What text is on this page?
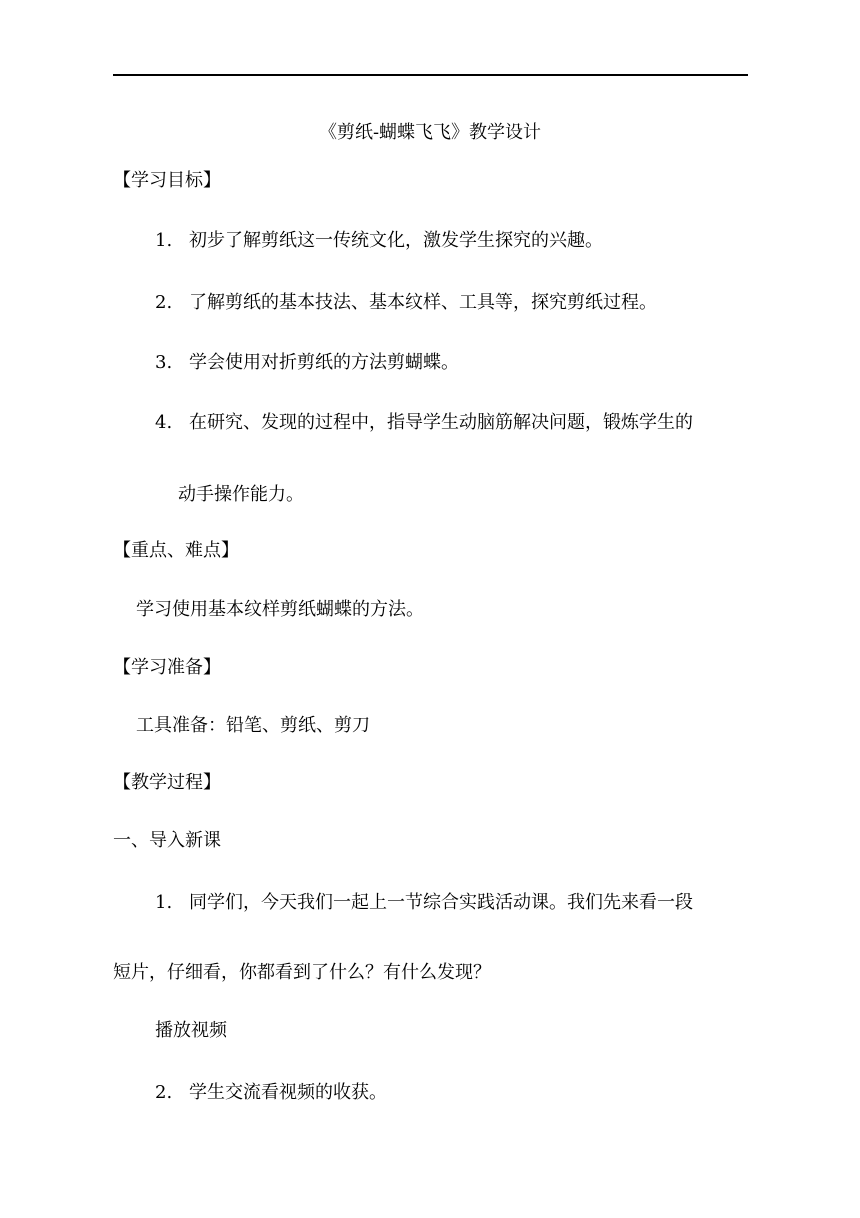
《剪纸-蝴蝶飞飞》教学设计
【学习目标】
1. 初步了解剪纸这一传统文化，激发学生探究的兴趣。
2. 了解剪纸的基本技法、基本纹样、工具等，探究剪纸过程。
3. 学会使用对折剪纸的方法剪蝴蝶。
4. 在研究、发现的过程中，指导学生动脑筋解决问题，锻炼学生的
动手操作能力。
【重点、难点】
学习使用基本纹样剪纸蝴蝶的方法。
【学习准备】
工具准备：铅笔、剪纸、剪刀
【教学过程】
一、导入新课
1. 同学们，今天我们一起上一节综合实践活动课。我们先来看一段
短片，仔细看，你都看到了什么？有什么发现？
播放视频
2. 学生交流看视频的收获。
